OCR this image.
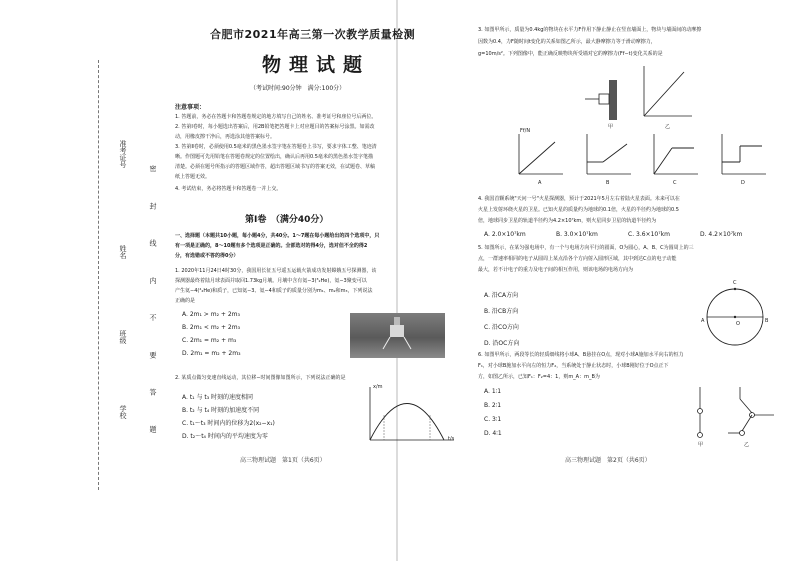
准考证号
姓名
班级
学校	密 封 线 内 不 要 答 题
合肥市2021年高三第一次教学质量检测
物理试题
（考试时间:90分钟　满分:100分）
注意事项：
1. 答题前，务必在答题卡和答题卷规定的地方填写自己的姓名、准考证号和座位号后两位。
2. 答第Ⅰ卷时，每小题选出答案后，用2B铅笔把答题卡上对应题目的答案标号涂黑。如需改
动，用橡皮擦干净后，再选涂其他答案标号。
3. 答第Ⅱ卷时，必须使用0.5毫米的黑色墨水签字笔在答题卷上书写，要求字体工整、笔迹清
晰。作图题可先用铅笔在答题卷规定的位置绘出，确认后再用0.5毫米的黑色墨水签字笔描
清楚。必须在题号所指示的答题区域作答，超出答题区域书写的答案无效，在试题卷、草稿
纸上答题无效。
4. 考试结束，务必将答题卡和答题卷一并上交。
第Ⅰ卷　（满分40分）
一、选择题（本题共10小题，每小题4分，共40分。1～7题在每小题给出的四个选项中，只
有一项是正确的，8～10题有多个选项是正确的。全部选对的得4分，选对但不全的得2
分，有选错或不答的得0分）
1. 2020年11月24日4时30分，我国用长征五号遥五运载火箭成功发射嫦娥五号探测器，该
探测器最终着陆月球表面并取回1.73kg月壤。月壤中含有氦−3(³₂He)，氦−3聚变可以
产生氦−4(⁴₂He)和质子，已知氦−3、氦−4和质子的质量分别为m₁、m₂和m₃，下列说法
正确的是
A. 2m₁ > m₂ + 2m₃
B. 2m₁ < m₂ + 2m₃
C. 2m₁ = m₂ + m₃
D. 2m₁ = m₂ + 2m₃
2. 某质点做匀变速直线运动，其位移−时间图像如图所示，下列说法正确的是
A. t₁ 与 t₃ 时刻的速度相同
B. t₂ 与 t₄ 时刻的加速度不同
C. t₁～t₃ 时间内的位移为2(x₂−x₁)
D. t₂～t₄ 时间内的平均速度为零
x/m
t/s
高三物理试题　第1页（共6页）
3. 如图甲所示，质量为0.4kg的物块在水平力F作用下静止静止在竖直墙面上，物块与墙面间的动摩擦
因数为0.4，力F随时间t变化的关系如图乙所示，最大静摩擦力等于滑动摩擦力，
g=10m/s²。下列图像中，能正确反映物块所受墙对它的摩擦力(Ff−t)变化关系的是
甲	乙
Ff/N
A	B	C	D
4. 我国首颗系统"天问一号"火星探测器，预计于2021年5月左右着陆火星表面。未来可以在
火星上发射环绕火星的卫星。已知火星的质量约为地球的0.1倍，火星的半径约为地球的0.5
倍，地球同步卫星的轨道半径约为4.2×10⁷km，则火星同步卫星的轨道半径约为
A. 2.0×10⁷km	B. 3.0×10⁷km	C. 3.6×10⁷km	D. 4.2×10⁷km
5. 如图所示，在某匀强电场中，有一个与电场方向平行的圆面，O为圆心，A、B、C为圆周上的三
点，一群速率相同的电子从圆周上某点沿各个方向射入圆形区域，其中到达C点的电子动能
最大，若不计电子的重力及电子间的相互作用，则该电场的电场方向为
A. 沿CA方向
B. 沿CB方向
C. 沿CO方向
D. 沿OC方向
A	B
C
O
6. 如图甲所示，两段等长的轻质细线将小球A、B悬挂在O点，现对小球A施加水平向右的恒力
F₁，对小球B施加水平向左的恒力F₂，当系统处于静止状态时，小球B刚好位于O点正下
方，如图乙所示，已知F₁：F₂=4：1，则m_A：m_B为
A. 1∶1
B. 2∶1
C. 3∶1
D. 4∶1
甲	乙
高三物理试题　第2页（共6页）
